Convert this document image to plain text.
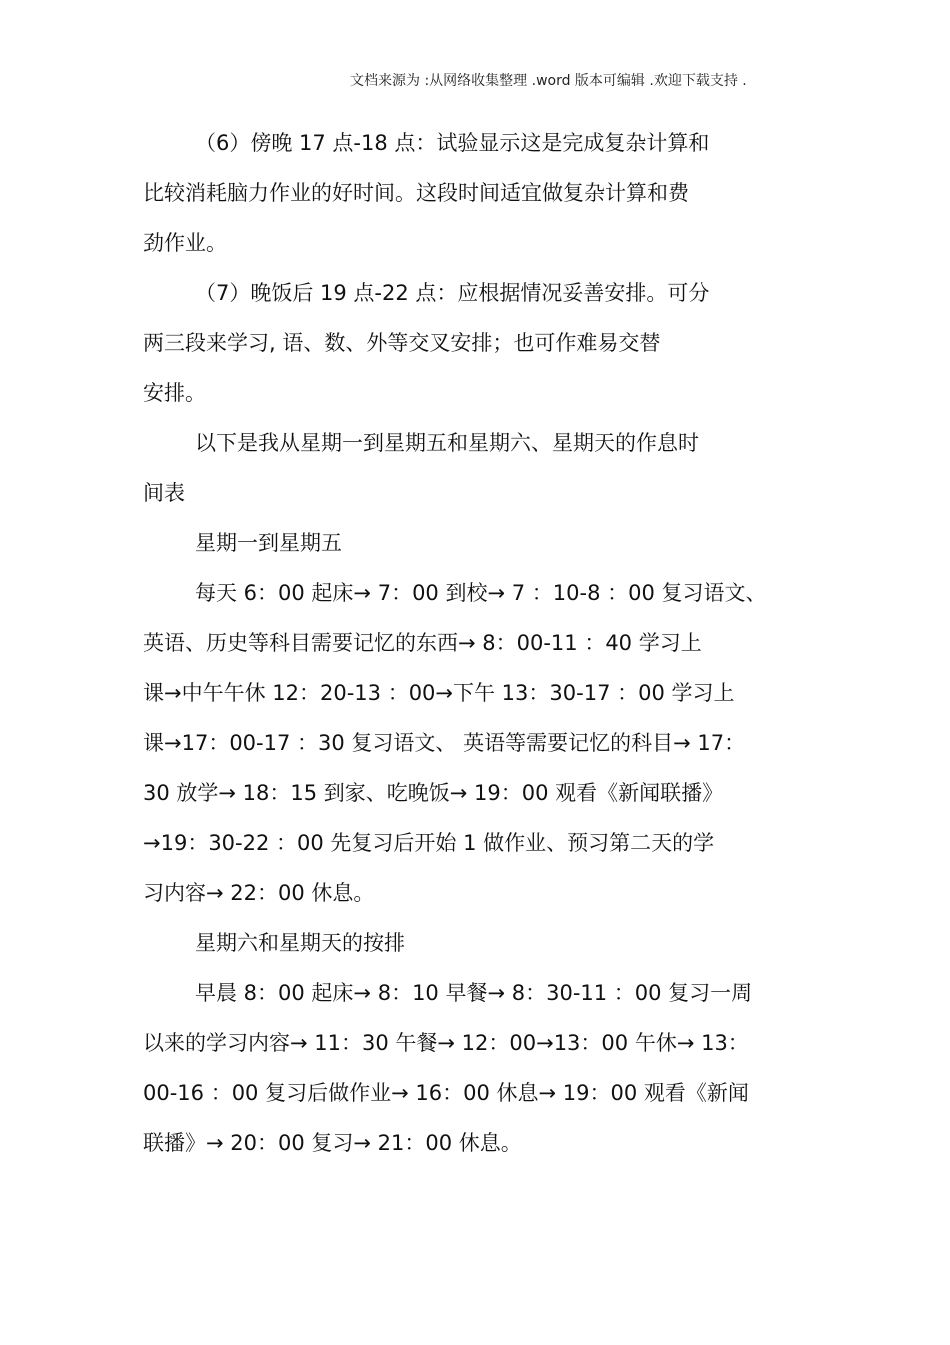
文档来源为 :从网络收集整理 .word 版本可编辑 .欢迎下载支持 .
（6）傍晚 17 点-18 点：试验显示这是完成复杂计算和
比较消耗脑力作业的好时间。这段时间适宜做复杂计算和费
劲作业。
（7）晚饭后 19 点-22 点：应根据情况妥善安排。可分
两三段来学习, 语、数、外等交叉安排；也可作难易交替
安排。
以下是我从星期一到星期五和星期六、星期天的作息时
间表
星期一到星期五
每天 6：00 起床→ 7：00 到校→ 7 ：10-8 ：00 复习语文、
英语、历史等科目需要记忆的东西→ 8：00-11 ：40 学习上
课→中午午休 12：20-13 ：00→下午 13：30-17 ：00 学习上
课→17：00-17 ：30 复习语文、 英语等需要记忆的科目→ 17：
30 放学→ 18：15 到家、吃晚饭→ 19：00 观看《新闻联播》
→19：30-22 ：00 先复习后开始 1 做作业、预习第二天的学
习内容→ 22：00 休息。
星期六和星期天的按排
早晨 8：00 起床→ 8：10 早餐→ 8：30-11 ：00 复习一周
以来的学习内容→ 11：30 午餐→ 12：00→13：00 午休→ 13：
00-16 ：00 复习后做作业→ 16：00 休息→ 19：00 观看《新闻
联播》→ 20：00 复习→ 21：00 休息。
